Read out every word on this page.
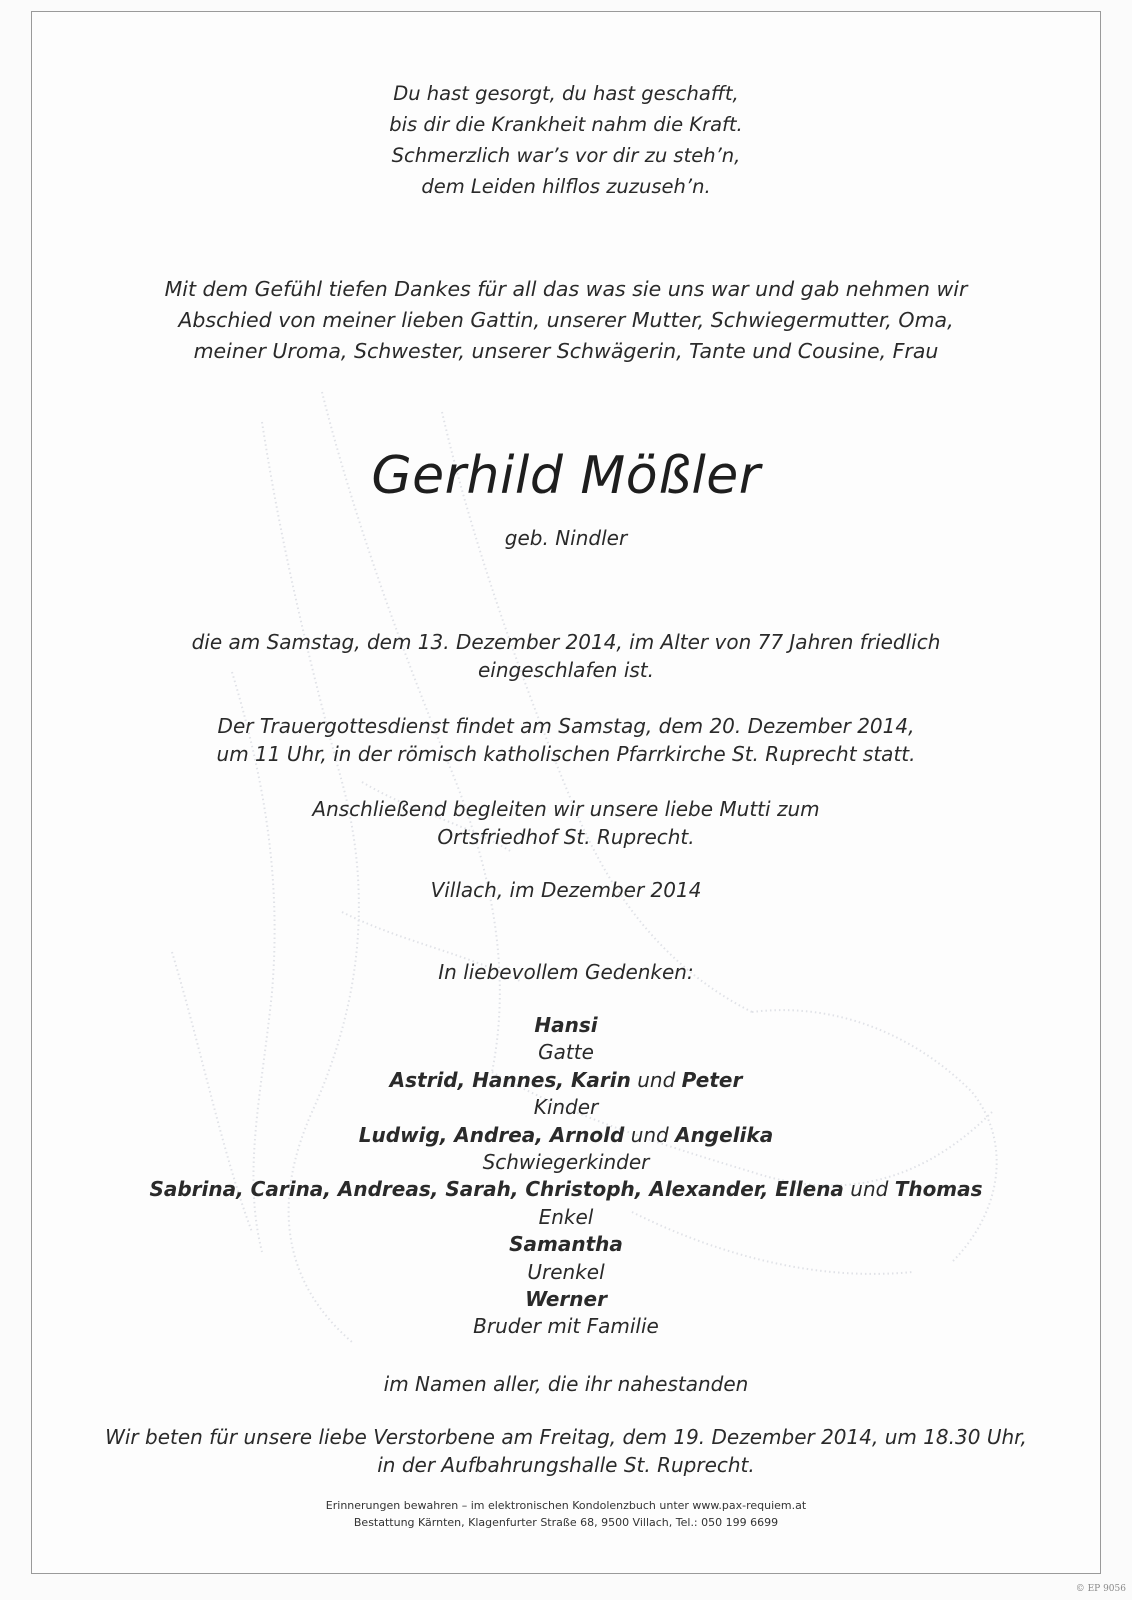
Du hast gesorgt, du hast geschafft,
bis dir die Krankheit nahm die Kraft.
Schmerzlich war’s vor dir zu steh’n,
dem Leiden hilflos zuzuseh’n.
Mit dem Gefühl tiefen Dankes für all das was sie uns war und gab nehmen wir
Abschied von meiner lieben Gattin, unserer Mutter, Schwiegermutter, Oma,
meiner Uroma, Schwester, unserer Schwägerin, Tante und Cousine, Frau
Gerhild Mößler
geb. Nindler
die am Samstag, dem 13. Dezember 2014, im Alter von 77 Jahren friedlich
eingeschlafen ist.
Der Trauergottesdienst findet am Samstag, dem 20. Dezember 2014,
um 11 Uhr, in der römisch katholischen Pfarrkirche St. Ruprecht statt.
Anschließend begleiten wir unsere liebe Mutti zum
Ortsfriedhof St. Ruprecht.
Villach, im Dezember 2014
In liebevollem Gedenken:
Hansi
Gatte
Astrid, Hannes, Karin und Peter
Kinder
Ludwig, Andrea, Arnold und Angelika
Schwiegerkinder
Sabrina, Carina, Andreas, Sarah, Christoph, Alexander, Ellena und Thomas
Enkel
Samantha
Urenkel
Werner
Bruder mit Familie
im Namen aller, die ihr nahestanden
Wir beten für unsere liebe Verstorbene am Freitag, dem 19. Dezember 2014, um 18.30 Uhr,
in der Aufbahrungshalle St. Ruprecht.
Erinnerungen bewahren – im elektronischen Kondolenzbuch unter www.pax-requiem.at
Bestattung Kärnten, Klagenfurter Straße 68, 9500 Villach, Tel.: 050 199 6699
© EP 9056
